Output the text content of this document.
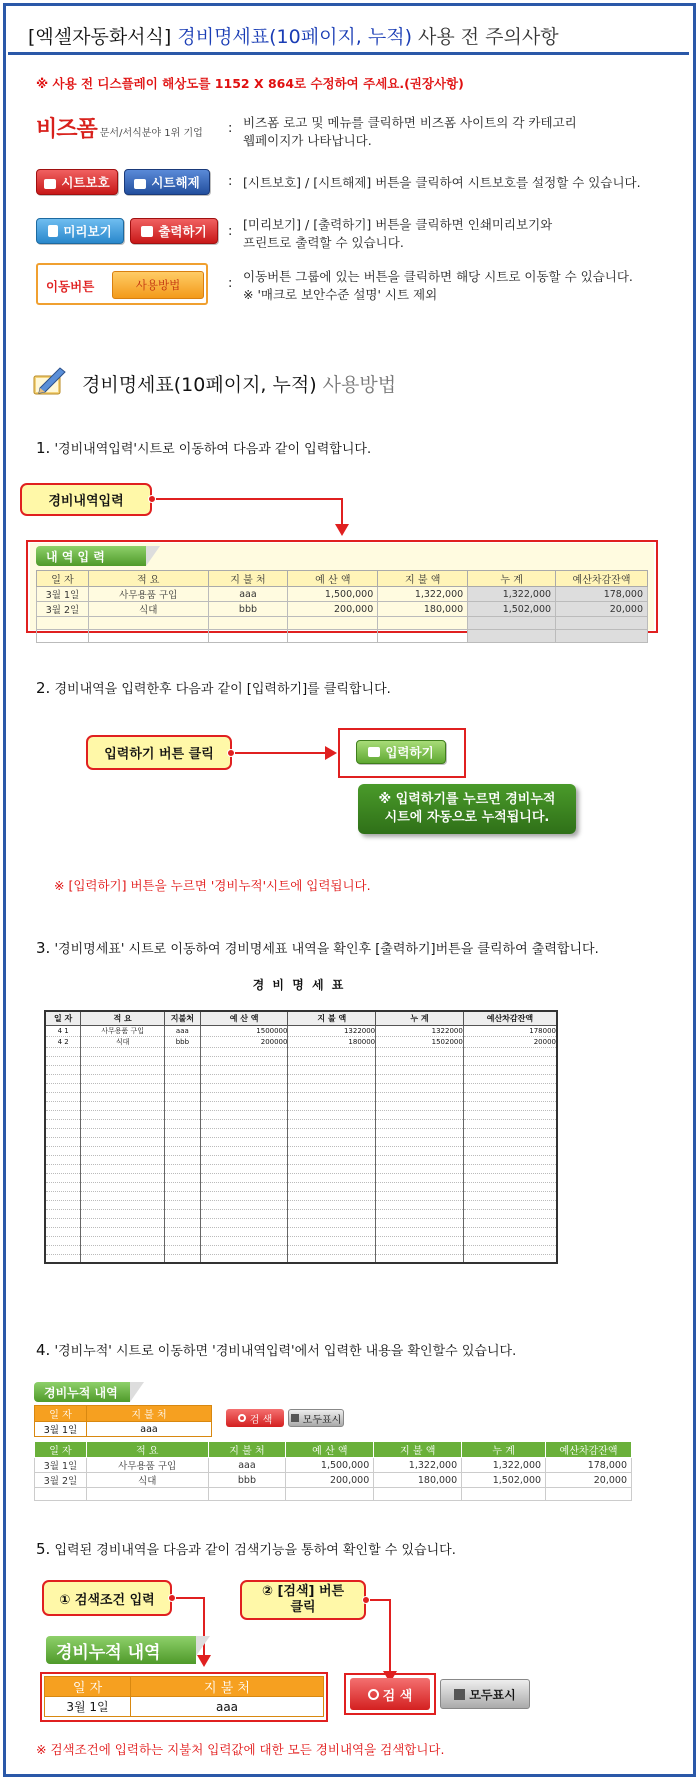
[엑셀자동화서식] 경비명세표(10페이지, 누적) 사용 전 주의사항
※ 사용 전 디스플레이 해상도를 1152 X 864로 수정하여 주세요.(권장사항)
비즈폼 문서/서식분야 1위 기업 : 비즈폼 로고 및 메뉴를 클릭하면 비즈폼 사이트의 각 카테고리
웹페이지가 나타납니다.
시트보호	시트해제 : [시트보호] / [시트해제] 버튼을 클릭하여 시트보호를 설정할 수 있습니다.
미리보기	출력하기 : [미리보기] / [출력하기] 버튼을 클릭하면 인쇄미리보기와
프린트로 출력할 수 있습니다.
이동버튼	사용방법	: 이동버튼 그룹에 있는 버튼을 클릭하면 해당 시트로 이동할 수 있습니다.
※ '매크로 보안수준 설명' 시트 제외
경비명세표(10페이지, 누적) 사용방법
1. '경비내역입력'시트로 이동하여 다음과 같이 입력합니다.
경비내역입력
내 역 입 력
일 자	적 요	지 불 처	예 산 액	지 불 액	누 계	예산차감잔액
3월 1일	사무용품 구입	aaa	1,500,000	1,322,000	1,322,000	178,000
3월 2일	식대	bbb	200,000	180,000	1,502,000	20,000

2. 경비내역을 입력한후 다음과 같이 [입력하기]를 클릭합니다.
입력하기 버튼 클릭	입력하기
※ 입력하기를 누르면 경비누적
시트에 자동으로 누적됩니다.
※ [입력하기] 버튼을 누르면 '경비누적'시트에 입력됩니다.
3. '경비명세표' 시트로 이동하여 경비명세표 내역을 확인후 [출력하기]버튼을 클릭하여 출력합니다.
경 비 명 세 표
일 자	적 요	지불처	예 산 액	지 불 액	누 계	예산차감잔액
4 1	사무용품 구입	aaa	1500000	1322000	1322000	178000
4 2	식대	bbb	200000	180000	1502000	20000

4. '경비누적' 시트로 이동하면 '경비내역입력'에서 입력한 내용을 확인할수 있습니다.
경비누적 내역
일 자	지 불 처
3월 1일	aaa
검 색	모두표시
일 자	적 요	지 불 처	예 산 액	지 불 액	누 계	예산차감잔액
3월 1일	사무용품 구입	aaa	1,500,000	1,322,000	1,322,000	178,000
3월 2일	식대	bbb	200,000	180,000	1,502,000	20,000

5. 입력된 경비내역을 다음과 같이 검색기능을 통하여 확인할 수 있습니다.
① 검색조건 입력
② [검색] 버튼
클릭
경비누적 내역
일 자	지 불 처
3월 1일	aaa
검 색	모두표시
※ 검색조건에 입력하는 지불처 입력값에 대한 모든 경비내역을 검색합니다.
